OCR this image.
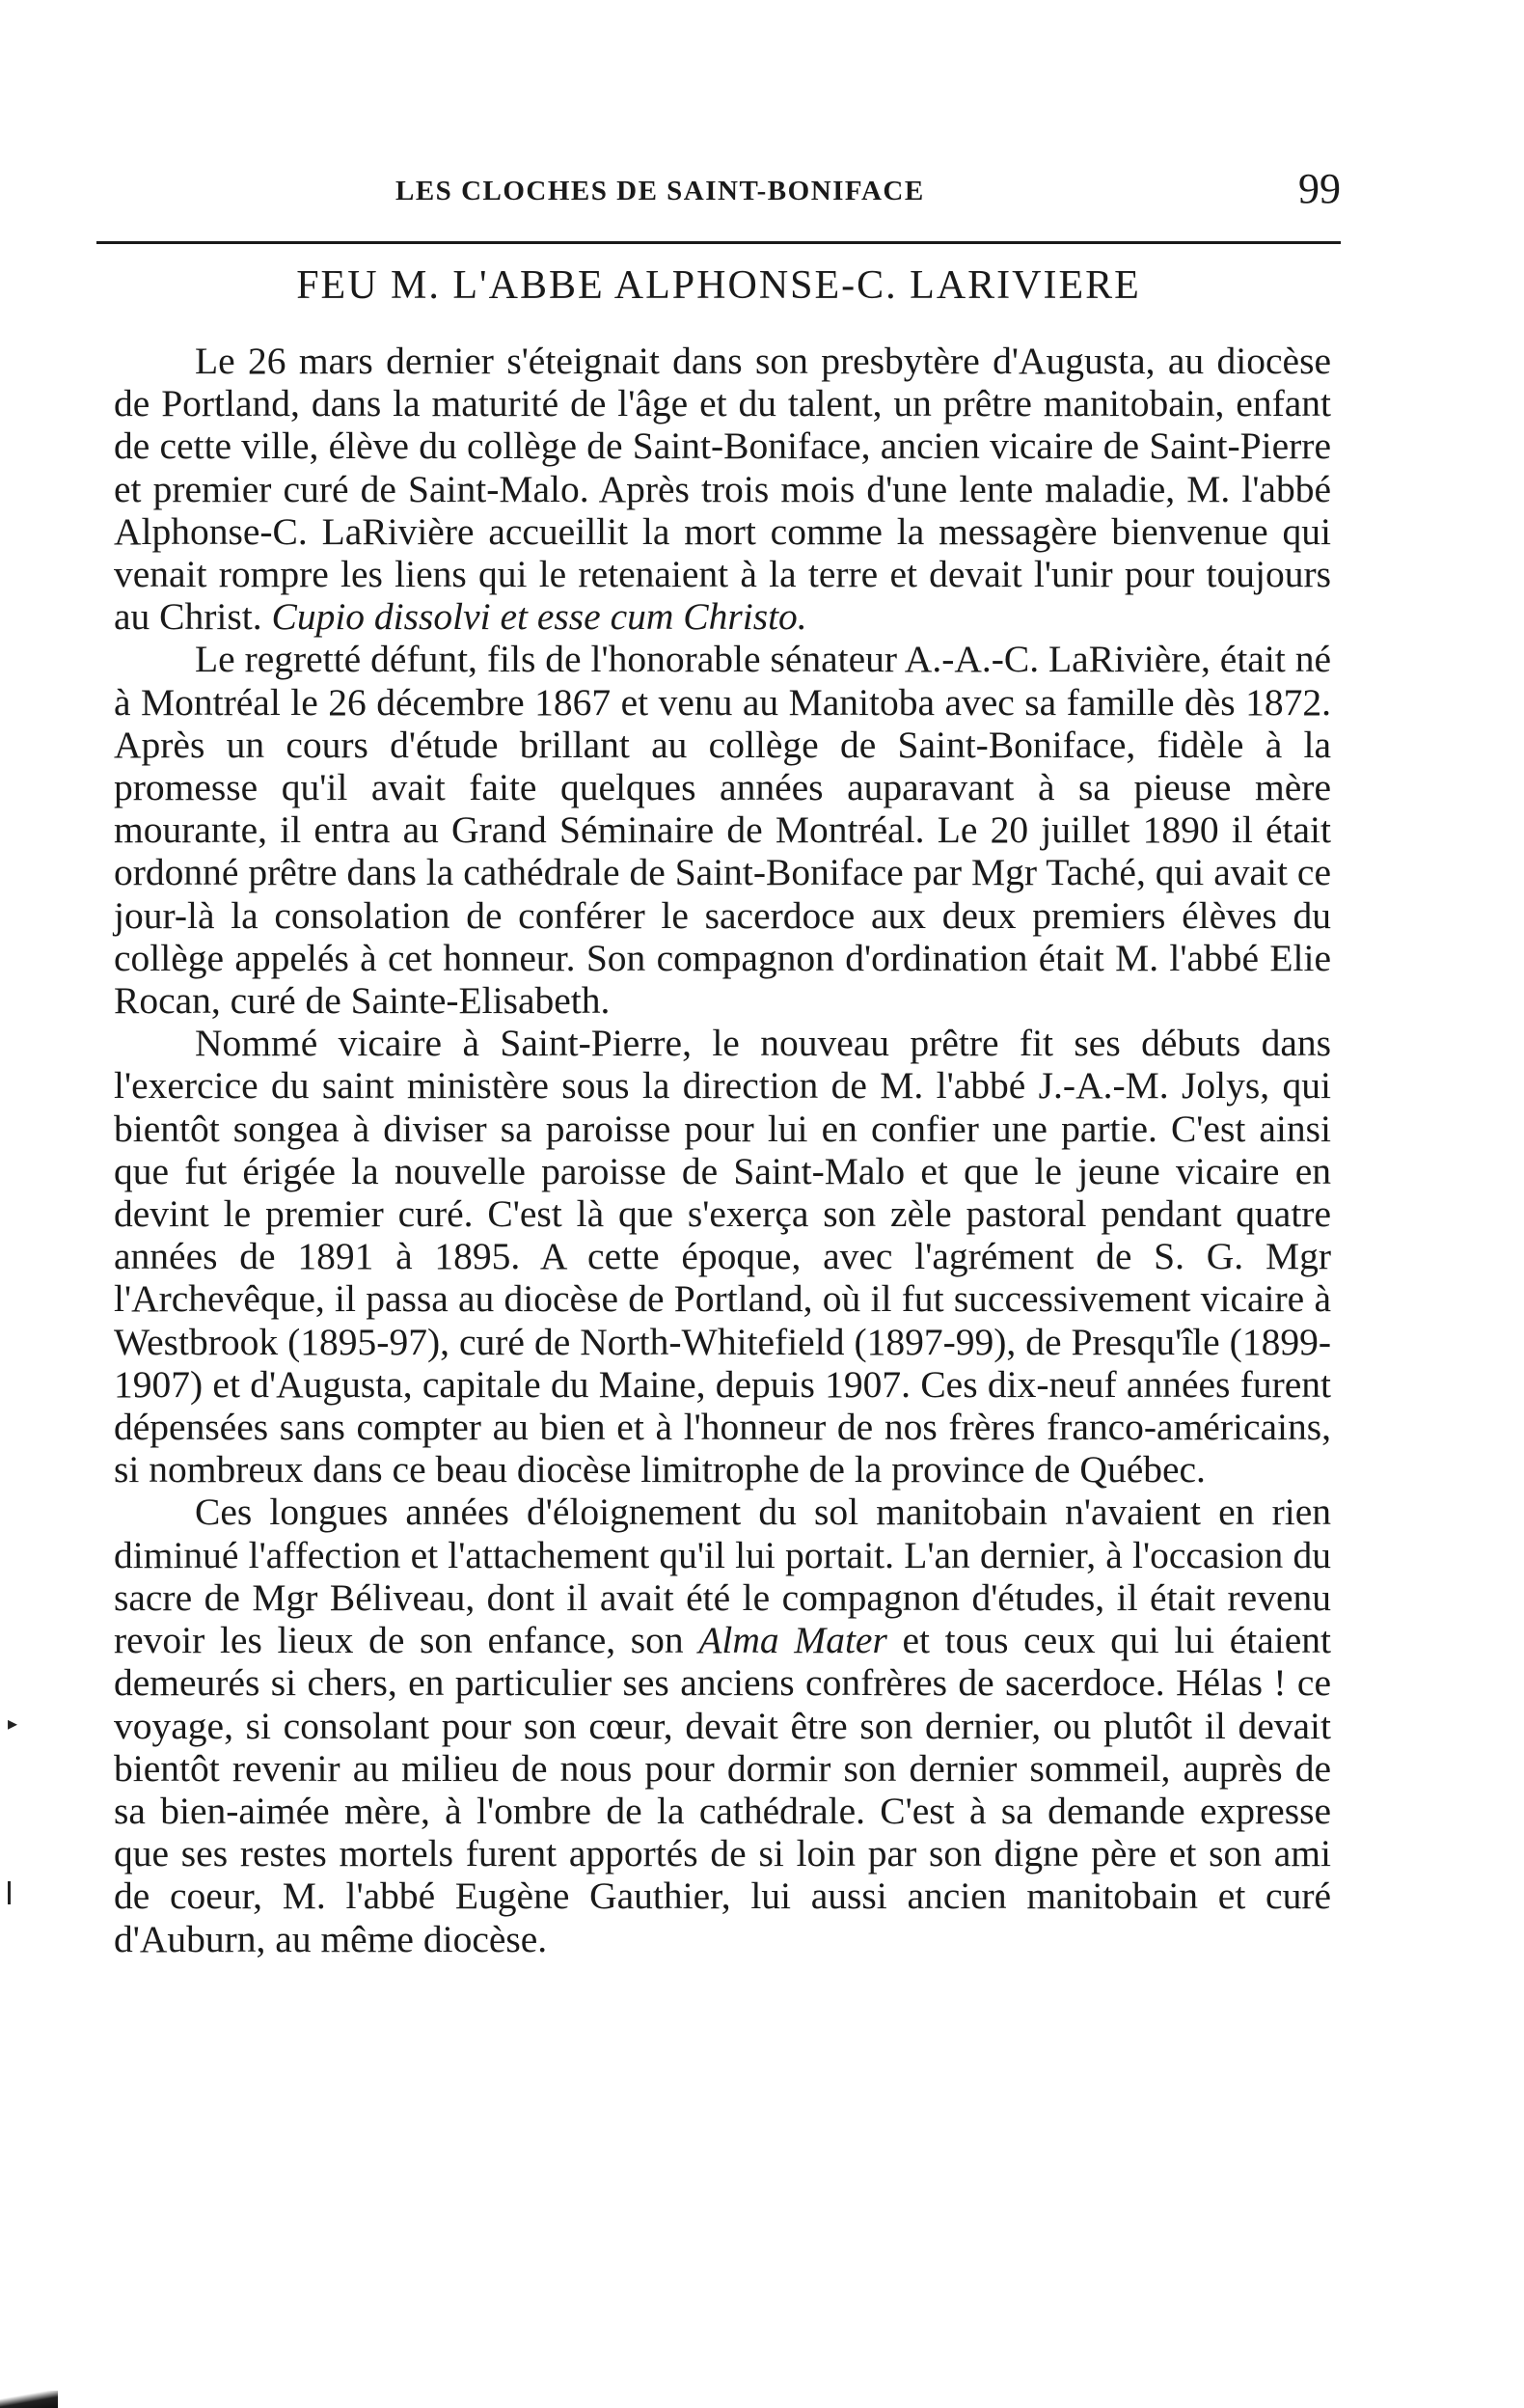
LES CLOCHES DE SAINT-BONIFACE	99
FEU M. L'ABBE ALPHONSE-C. LARIVIERE

Le 26 mars dernier s'éteignait dans son presbytère d'Augusta, au diocèse de Portland, dans la maturité de l'âge et du talent, un prêtre manitobain, enfant de cette ville, élève du collège de Saint-Boniface, ancien vicaire de Saint-Pierre et premier curé de Saint-Malo. Après trois mois d'une lente maladie, M. l'abbé Alphonse-C. LaRivière accueillit la mort comme la messagère bienvenue qui venait rompre les liens qui le retenaient à la terre et devait l'unir pour toujours au Christ. Cupio dissolvi et esse cum Christo.

Le regretté défunt, fils de l'honorable sénateur A.-A.-C. LaRivière, était né à Montréal le 26 décembre 1867 et venu au Manitoba avec sa famille dès 1872. Après un cours d'étude brillant au collège de Saint-Boniface, fidèle à la promesse qu'il avait faite quelques années auparavant à sa pieuse mère mourante, il entra au Grand Séminaire de Montréal. Le 20 juillet 1890 il était ordonné prêtre dans la cathédrale de Saint-Boniface par Mgr Taché, qui avait ce jour-là la consolation de conférer le sacerdoce aux deux premiers élèves du collège appelés à cet honneur. Son compagnon d'ordination était M. l'abbé Elie Rocan, curé de Sainte-Elisabeth.

Nommé vicaire à Saint-Pierre, le nouveau prêtre fit ses débuts dans l'exercice du saint ministère sous la direction de M. l'abbé J.-A.-M. Jolys, qui bientôt songea à diviser sa paroisse pour lui en confier une partie. C'est ainsi que fut érigée la nouvelle paroisse de Saint-Malo et que le jeune vicaire en devint le premier curé. C'est là que s'exerça son zèle pastoral pendant quatre années de 1891 à 1895. A cette époque, avec l'agrément de S. G. Mgr l'Archevêque, il passa au diocèse de Portland, où il fut successivement vicaire à Westbrook (1895-97), curé de North-Whitefield (1897-99), de Presqu'île (1899-1907) et d'Augusta, capitale du Maine, depuis 1907. Ces dix-neuf années furent dépensées sans compter au bien et à l'honneur de nos frères franco-américains, si nombreux dans ce beau diocèse limitrophe de la province de Québec.

Ces longues années d'éloignement du sol manitobain n'avaient en rien diminué l'affection et l'attachement qu'il lui portait. L'an dernier, à l'occasion du sacre de Mgr Béliveau, dont il avait été le compagnon d'études, il était revenu revoir les lieux de son enfance, son Alma Mater et tous ceux qui lui étaient demeurés si chers, en particulier ses anciens confrères de sacerdoce. Hélas ! ce voyage, si consolant pour son cœur, devait être son dernier, ou plutôt il devait bientôt revenir au milieu de nous pour dormir son dernier sommeil, auprès de sa bien-aimée mère, à l'ombre de la cathédrale. C'est à sa demande expresse que ses restes mortels furent apportés de si loin par son digne père et son ami de coeur, M. l'abbé Eugène Gauthier, lui aussi ancien manitobain et curé d'Auburn, au même diocèse.

▸
